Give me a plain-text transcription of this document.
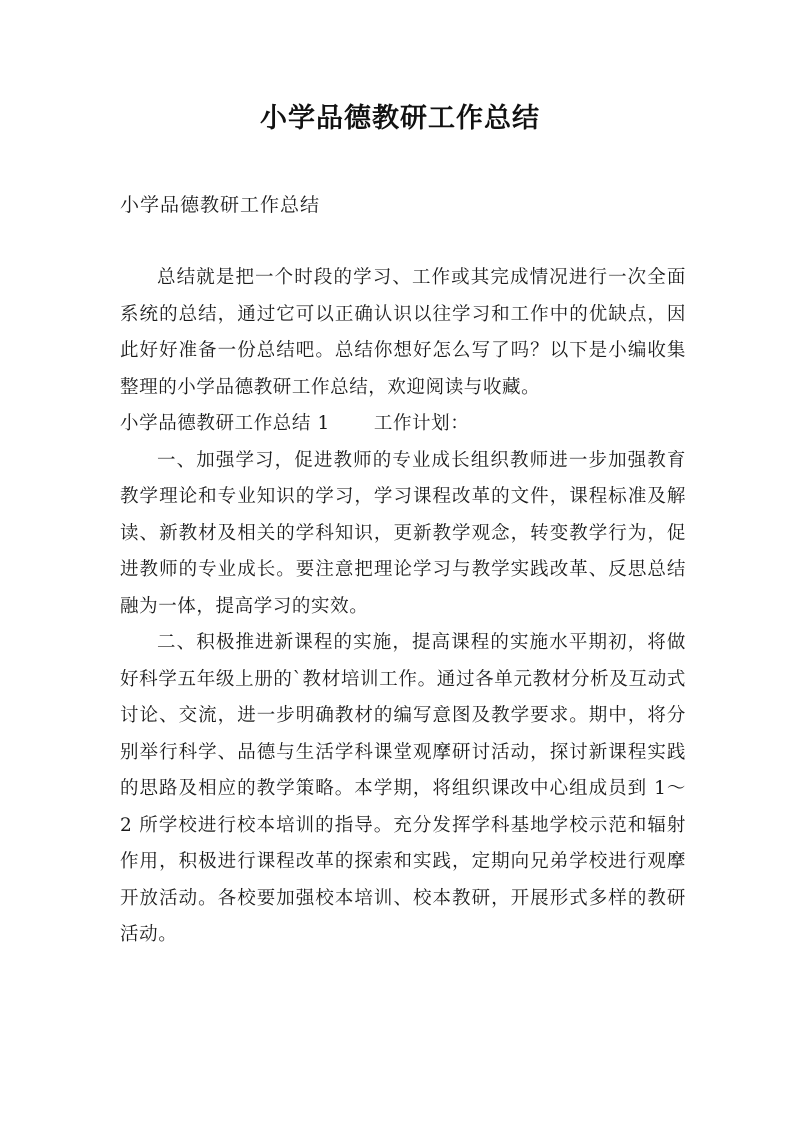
小学品德教研工作总结
小学品德教研工作总结

总结就是把一个时段的学习、工作或其完成情况进行一次全面系统的总结，通过它可以正确认识以往学习和工作中的优缺点，因此好好准备一份总结吧。总结你想好怎么写了吗？以下是小编收集整理的小学品德教研工作总结，欢迎阅读与收藏。

小学品德教研工作总结 1 工作计划：

一、加强学习，促进教师的专业成长组织教师进一步加强教育教学理论和专业知识的学习，学习课程改革的文件，课程标准及解读、新教材及相关的学科知识，更新教学观念，转变教学行为，促进教师的专业成长。要注意把理论学习与教学实践改革、反思总结融为一体，提高学习的实效。

二、积极推进新课程的实施，提高课程的实施水平期初，将做好科学五年级上册的`教材培训工作。通过各单元教材分析及互动式讨论、交流，进一步明确教材的编写意图及教学要求。期中，将分别举行科学、品德与生活学科课堂观摩研讨活动，探讨新课程实践的思路及相应的教学策略。本学期，将组织课改中心组成员到 1～2 所学校进行校本培训的指导。充分发挥学科基地学校示范和辐射作用，积极进行课程改革的探索和实践，定期向兄弟学校进行观摩开放活动。各校要加强校本培训、校本教研，开展形式多样的教研活动。
